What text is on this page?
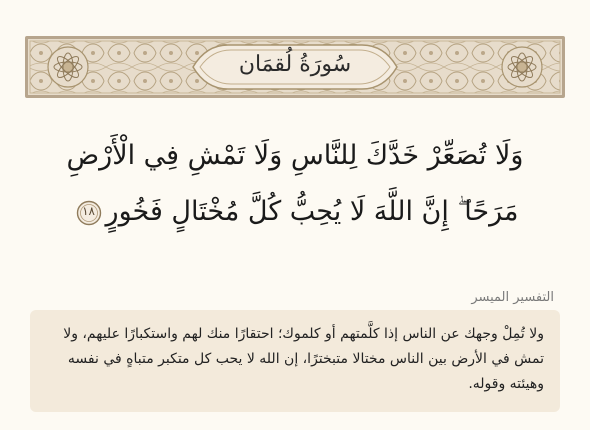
سُورَةُ لُقمَان
وَلَا تُصَعِّرْ خَدَّكَ لِلنَّاسِ وَلَا تَمْشِ فِي الْأَرْضِ
مَرَحًا ۖ إِنَّ اللَّهَ لَا يُحِبُّ كُلَّ مُخْتَالٍ فَخُورٍ
١٨
التفسير الميسر
ولا تُمِلْ وجهك عن الناس إذا كلَّمتهم أو كلموك؛ احتقارًا منك لهم واستكبارًا عليهم، ولا تمش في الأرض بين الناس مختالا متبخترًا، إن الله لا يحب كل متكبر متباهٍ في نفسه وهيئته وقوله.
